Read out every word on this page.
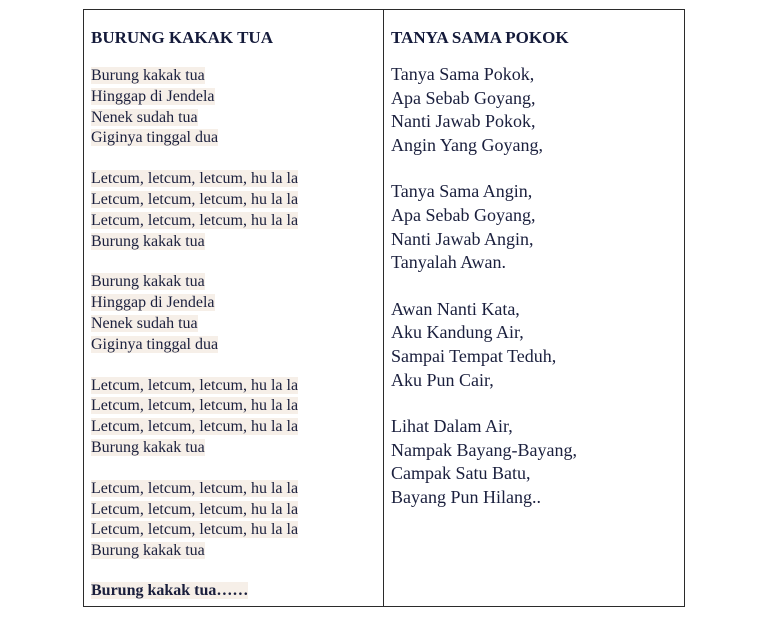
BURUNG KAKAK TUA
Burung kakak tua
Hinggap di Jendela
Nenek sudah tua
Giginya tinggal dua
Letcum, letcum, letcum, hu la la
Letcum, letcum, letcum, hu la la
Letcum, letcum, letcum, hu la la
Burung kakak tua
Burung kakak tua
Hinggap di Jendela
Nenek sudah tua
Giginya tinggal dua
Letcum, letcum, letcum, hu la la
Letcum, letcum, letcum, hu la la
Letcum, letcum, letcum, hu la la
Burung kakak tua
Letcum, letcum, letcum, hu la la
Letcum, letcum, letcum, hu la la
Letcum, letcum, letcum, hu la la
Burung kakak tua
Burung kakak tua……
TANYA SAMA POKOK
Tanya Sama Pokok,
Apa Sebab Goyang,
Nanti Jawab Pokok,
Angin Yang Goyang,
Tanya Sama Angin,
Apa Sebab Goyang,
Nanti Jawab Angin,
Tanyalah Awan.
Awan Nanti Kata,
Aku Kandung Air,
Sampai Tempat Teduh,
Aku Pun Cair,
Lihat Dalam Air,
Nampak Bayang-Bayang,
Campak Satu Batu,
Bayang Pun Hilang..
